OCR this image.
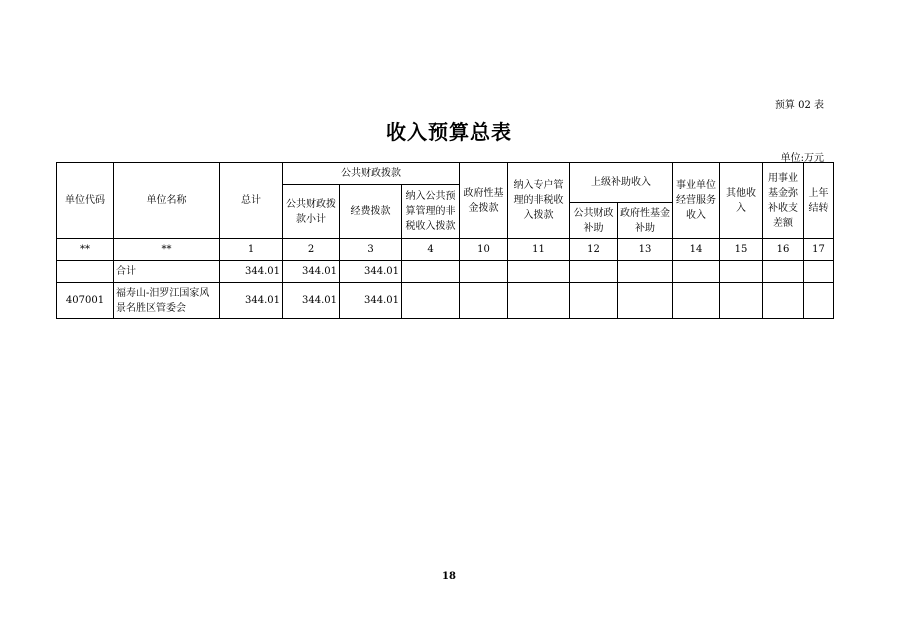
预算 02 表
收入预算总表
单位:万元
单位代码	单位名称	总计	公共财政拨款			政府性基金拨款	纳入专户管理的非税收入拨款	上级补助收入		事业单位经营服务收入	其他收入	用事业基金弥补收支差额	上年结转
			公共财政拨款小计	经费拨款	纳入公共预算管理的非税收入拨款								
								公共财政补助	政府性基金补助				
**	**	1	2	3	4	10	11	12	13	14	15	16	17
	合计	344.01	344.01	344.01									
407001	福寿山-汨罗江国家风景名胜区管委会	344.01	344.01	344.01									
18
